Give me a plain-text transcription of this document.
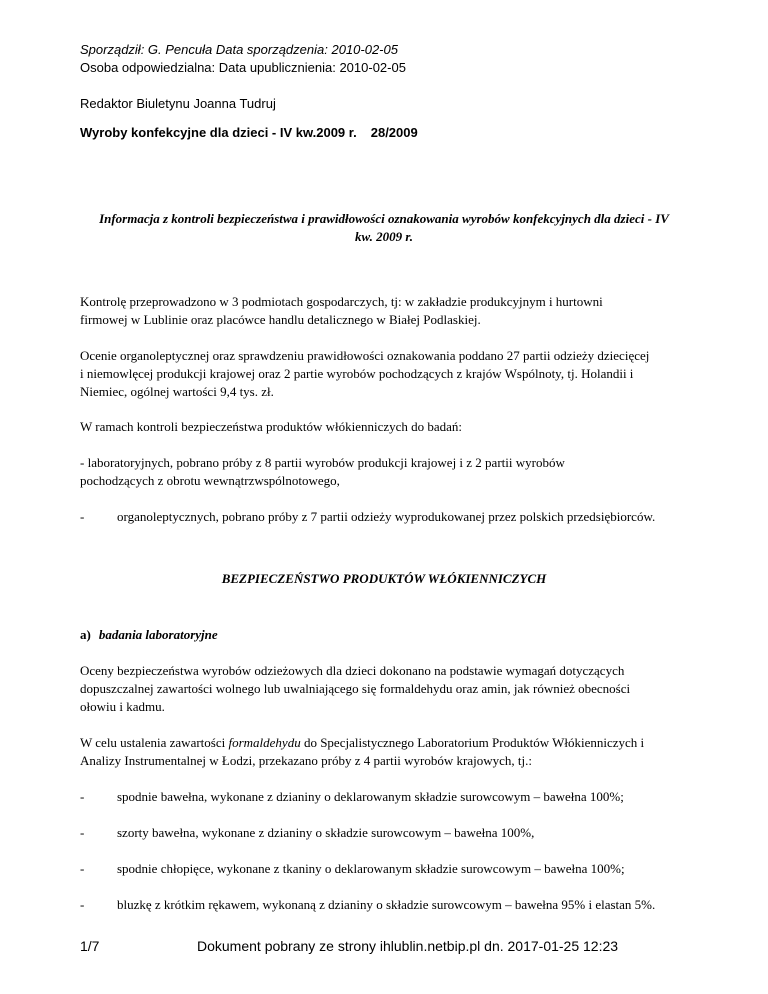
Sporządził: G. Pencuła Data sporządzenia: 2010-02-05
Osoba odpowiedzialna: Data upublicznienia: 2010-02-05
Redaktor Biuletynu Joanna Tudruj
Wyroby konfekcyjne dla dzieci - IV kw.2009 r. 28/2009
Informacja z kontroli bezpieczeństwa i prawidłowości oznakowania wyrobów konfekcyjnych dla dzieci - IV
kw. 2009 r.
Kontrolę przeprowadzono w 3 podmiotach gospodarczych, tj: w zakładzie produkcyjnym i hurtowni
firmowej w Lublinie oraz placówce handlu detalicznego w Białej Podlaskiej.
Ocenie organoleptycznej oraz sprawdzeniu prawidłowości oznakowania poddano 27 partii odzieży dziecięcej
i niemowlęcej produkcji krajowej oraz 2 partie wyrobów pochodzących z krajów Wspólnoty, tj. Holandii i
Niemiec, ogólnej wartości 9,4 tys. zł.
W ramach kontroli bezpieczeństwa produktów włókienniczych do badań:
- laboratoryjnych, pobrano próby z 8 partii wyrobów produkcji krajowej i z 2 partii wyrobów
pochodzących z obrotu wewnątrzwspólnotowego,
-	organoleptycznych, pobrano próby z 7 partii odzieży wyprodukowanej przez polskich przedsiębiorców.
BEZPIECZEŃSTWO PRODUKTÓW WŁÓKIENNICZYCH
a) badania laboratoryjne
Oceny bezpieczeństwa wyrobów odzieżowych dla dzieci dokonano na podstawie wymagań dotyczących
dopuszczalnej zawartości wolnego lub uwalniającego się formaldehydu oraz amin, jak również obecności
ołowiu i kadmu.
W celu ustalenia zawartości formaldehydu do Specjalistycznego Laboratorium Produktów Włókienniczych i
Analizy Instrumentalnej w Łodzi, przekazano próby z 4 partii wyrobów krajowych, tj.:
-	spodnie bawełna, wykonane z dzianiny o deklarowanym składzie surowcowym – bawełna 100%;
-	szorty bawełna, wykonane z dzianiny o składzie surowcowym – bawełna 100%,
-	spodnie chłopięce, wykonane z tkaniny o deklarowanym składzie surowcowym – bawełna 100%;
-	bluzkę z krótkim rękawem, wykonaną z dzianiny o składzie surowcowym – bawełna 95% i elastan 5%.
1/7	Dokument pobrany ze strony ihlublin.netbip.pl dn. 2017-01-25 12:23
